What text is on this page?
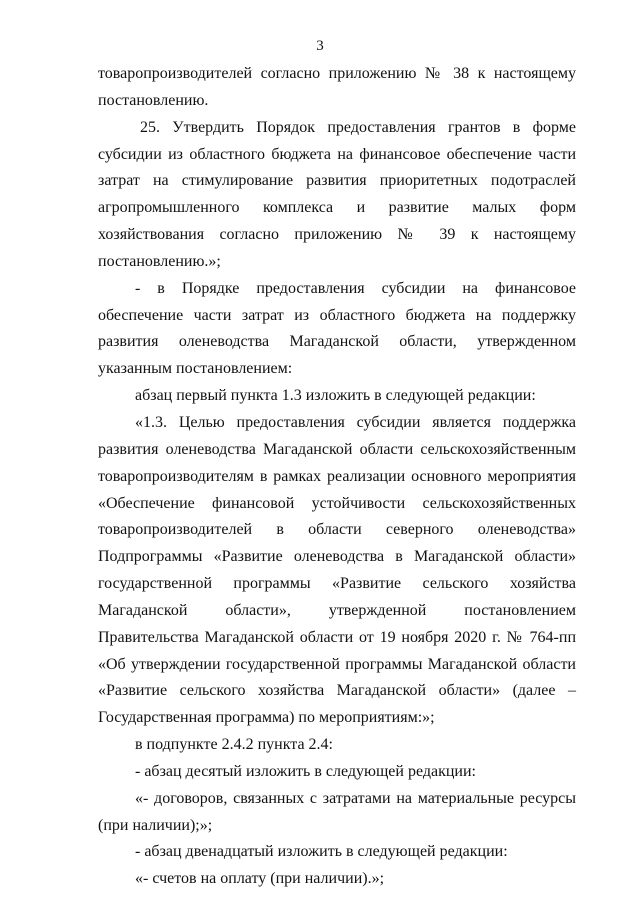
3

товаропроизводителей согласно приложению № 38 к настоящему постановлению.

25. Утвердить Порядок предоставления грантов в форме субсидии из областного бюджета на финансовое обеспечение части затрат на стимулирование развития приоритетных подотраслей агропромышленного комплекса и развитие малых форм хозяйствования согласно приложению № 39 к настоящему постановлению.»;

- в Порядке предоставления субсидии на финансовое обеспечение части затрат из областного бюджета на поддержку развития оленеводства Магаданской области, утвержденном указанным постановлением:

абзац первый пункта 1.3 изложить в следующей редакции:

«1.3. Целью предоставления субсидии является поддержка развития оленеводства Магаданской области сельскохозяйственным товаропроизводителям в рамках реализации основного мероприятия «Обеспечение финансовой устойчивости сельскохозяйственных товаропроизводителей в области северного оленеводства» Подпрограммы «Развитие оленеводства в Магаданской области» государственной программы «Развитие сельского хозяйства Магаданской области», утвержденной постановлением Правительства Магаданской области от 19 ноября 2020 г. № 764-пп «Об утверждении государственной программы Магаданской области «Развитие сельского хозяйства Магаданской области» (далее – Государственная программа) по мероприятиям:»;

в подпункте 2.4.2 пункта 2.4:

- абзац десятый изложить в следующей редакции:

«- договоров, связанных с затратами на материальные ресурсы (при наличии);»;

- абзац двенадцатый изложить в следующей редакции:

«- счетов на оплату (при наличии).»;
